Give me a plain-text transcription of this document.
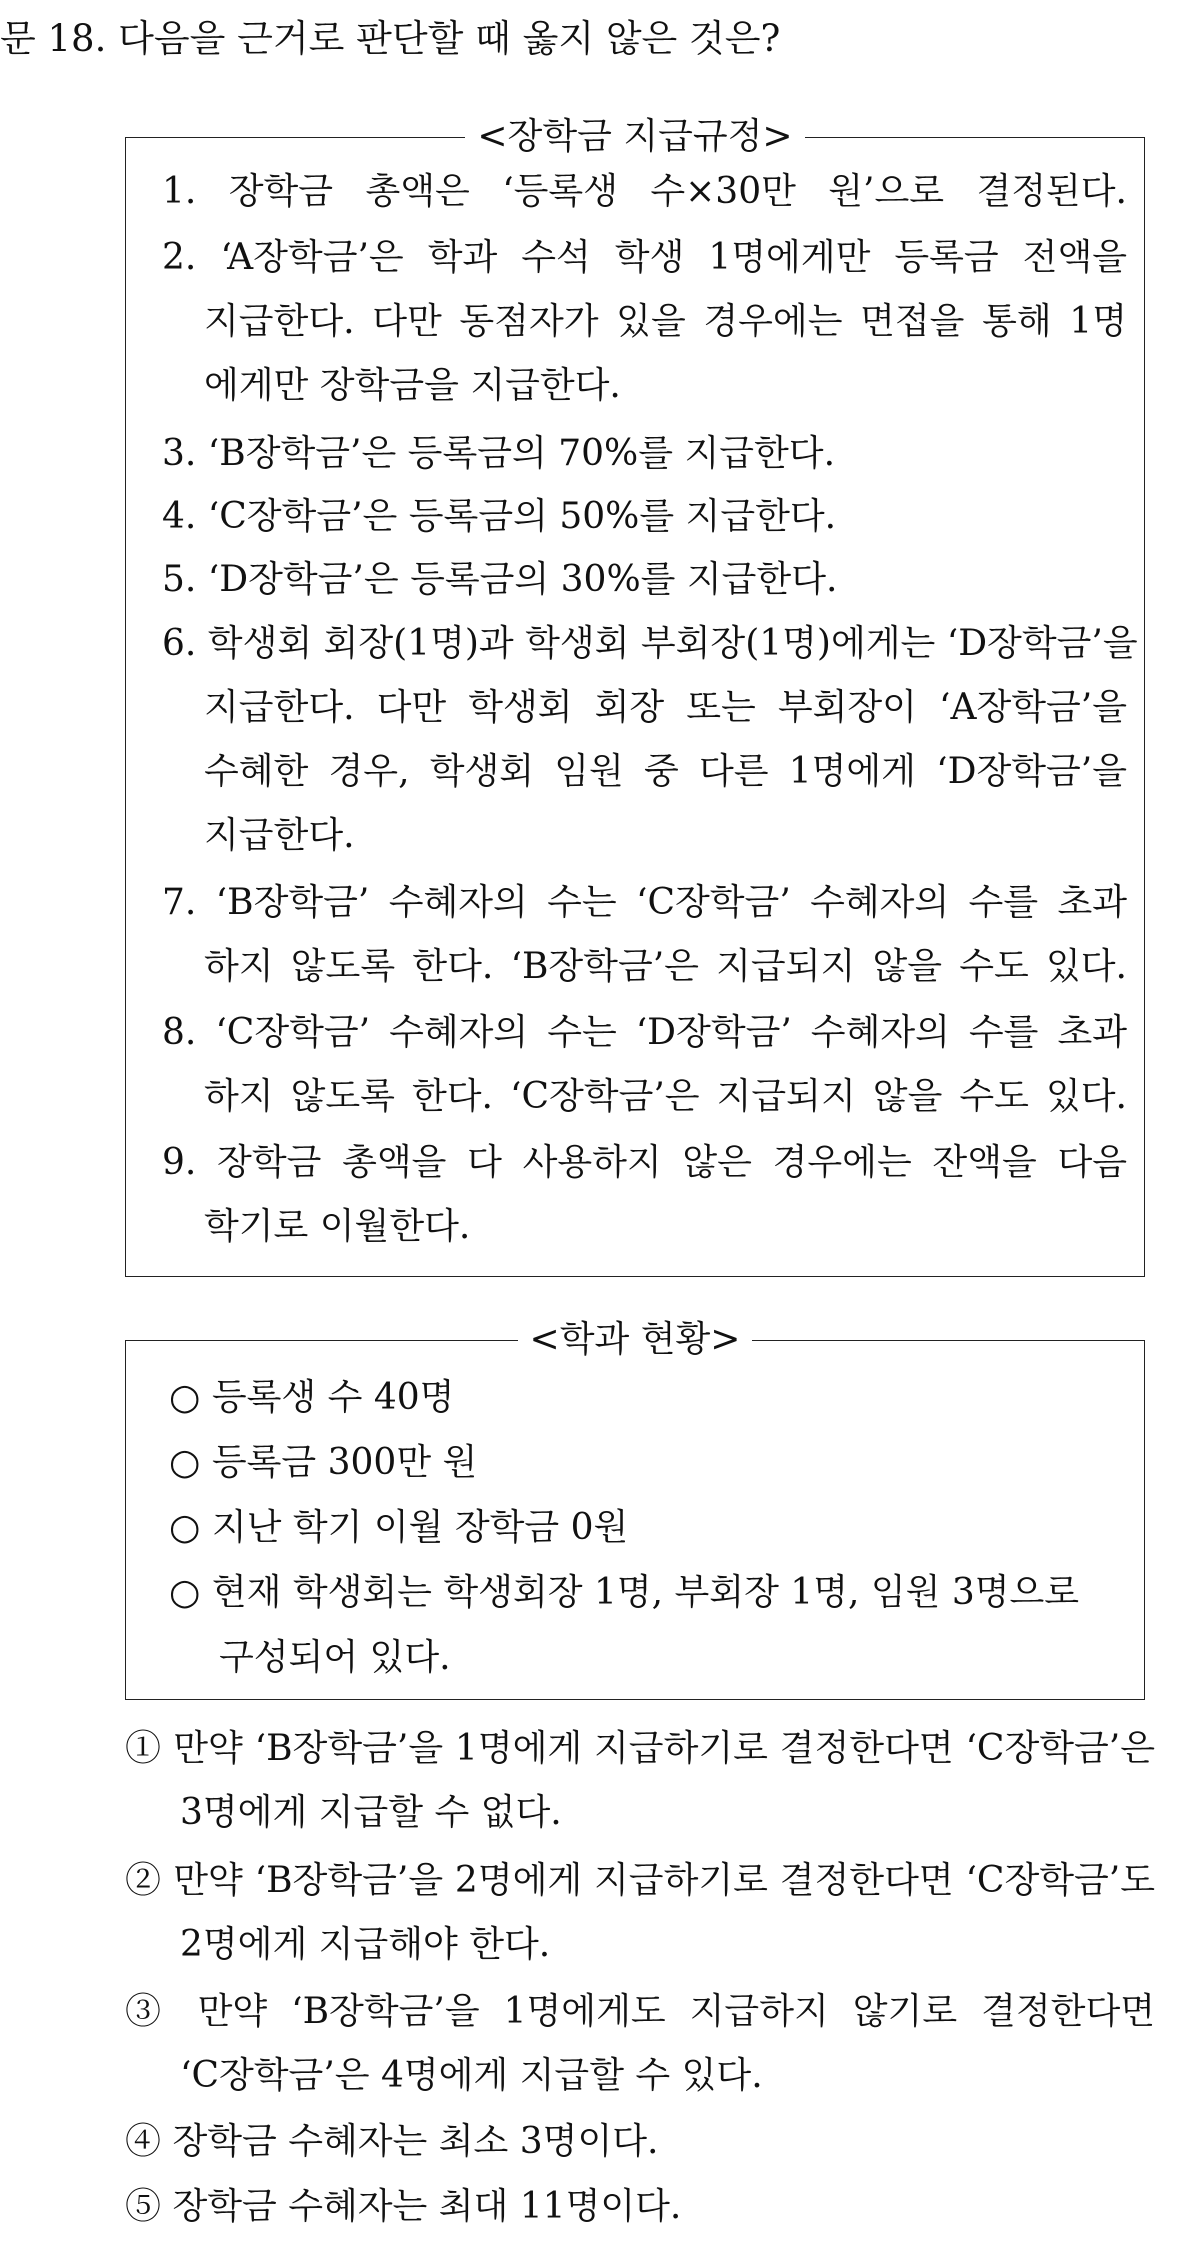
문 18. 다음을 근거로 판단할 때 옳지 않은 것은?
<장학금 지급규정>
1. 장학금 총액은 ‘등록생 수×30만 원’으로 결정된다.
2. ‘A장학금’은 학과 수석 학생 1명에게만 등록금 전액을
지급한다. 다만 동점자가 있을 경우에는 면접을 통해 1명
에게만 장학금을 지급한다.
3. ‘B장학금’은 등록금의 70%를 지급한다.
4. ‘C장학금’은 등록금의 50%를 지급한다.
5. ‘D장학금’은 등록금의 30%를 지급한다.
6. 학생회 회장(1명)과 학생회 부회장(1명)에게는 ‘D장학금’을
지급한다. 다만 학생회 회장 또는 부회장이 ‘A장학금’을
수혜한 경우, 학생회 임원 중 다른 1명에게 ‘D장학금’을
지급한다.
7. ‘B장학금’ 수혜자의 수는 ‘C장학금’ 수혜자의 수를 초과
하지 않도록 한다. ‘B장학금’은 지급되지 않을 수도 있다.
8. ‘C장학금’ 수혜자의 수는 ‘D장학금’ 수혜자의 수를 초과
하지 않도록 한다. ‘C장학금’은 지급되지 않을 수도 있다.
9. 장학금 총액을 다 사용하지 않은 경우에는 잔액을 다음
학기로 이월한다.
<학과 현황>
○ 등록생 수 40명
○ 등록금 300만 원
○ 지난 학기 이월 장학금 0원
○ 현재 학생회는 학생회장 1명, 부회장 1명, 임원 3명으로
구성되어 있다.
① 만약 ‘B장학금’을 1명에게 지급하기로 결정한다면 ‘C장학금’은
3명에게 지급할 수 없다.
② 만약 ‘B장학금’을 2명에게 지급하기로 결정한다면 ‘C장학금’도
2명에게 지급해야 한다.
③ 만약 ‘B장학금’을 1명에게도 지급하지 않기로 결정한다면
‘C장학금’은 4명에게 지급할 수 있다.
④ 장학금 수혜자는 최소 3명이다.
⑤ 장학금 수혜자는 최대 11명이다.
